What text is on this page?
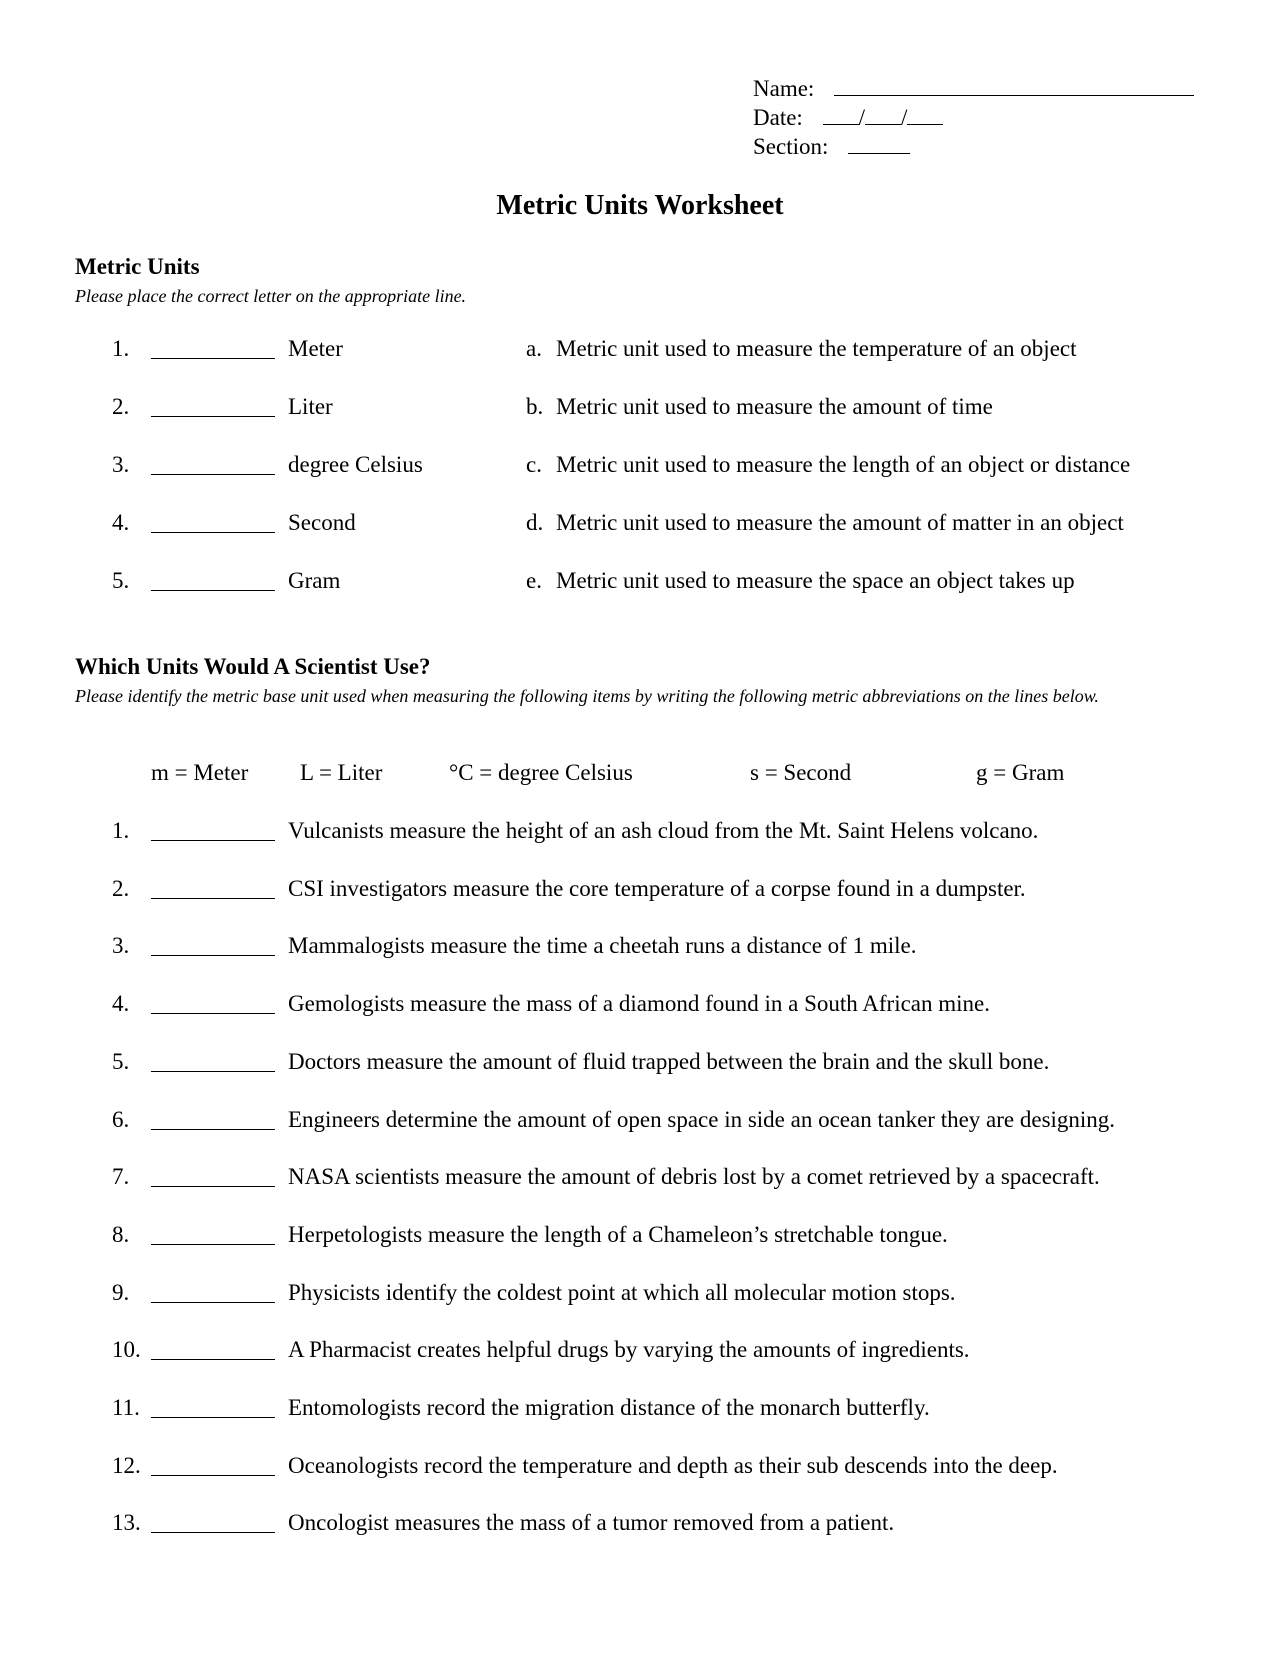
Name:
Date: / /
Section:
Metric Units Worksheet
Metric Units
Please place the correct letter on the appropriate line.
1.	Meter	a. Metric unit used to measure the temperature of an object
2.	Liter	b. Metric unit used to measure the amount of time
3.	degree Celsius	c. Metric unit used to measure the length of an object or distance
4.	Second	d. Metric unit used to measure the amount of matter in an object
5.	Gram	e. Metric unit used to measure the space an object takes up
Which Units Would A Scientist Use?
Please identify the metric base unit used when measuring the following items by writing the following metric abbreviations on the lines below.
m = Meter L = Liter	°C = degree Celsius	s = Second	g = Gram
1.	Vulcanists measure the height of an ash cloud from the Mt. Saint Helens volcano.
2.	CSI investigators measure the core temperature of a corpse found in a dumpster.
3.	Mammalogists measure the time a cheetah runs a distance of 1 mile.
4.	Gemologists measure the mass of a diamond found in a South African mine.
5.	Doctors measure the amount of fluid trapped between the brain and the skull bone.
6.	Engineers determine the amount of open space in side an ocean tanker they are designing.
7.	NASA scientists measure the amount of debris lost by a comet retrieved by a spacecraft.
8.	Herpetologists measure the length of a Chameleon’s stretchable tongue.
9.	Physicists identify the coldest point at which all molecular motion stops.
10.	A Pharmacist creates helpful drugs by varying the amounts of ingredients.
11.	Entomologists record the migration distance of the monarch butterfly.
12.	Oceanologists record the temperature and depth as their sub descends into the deep.
13.	Oncologist measures the mass of a tumor removed from a patient.
